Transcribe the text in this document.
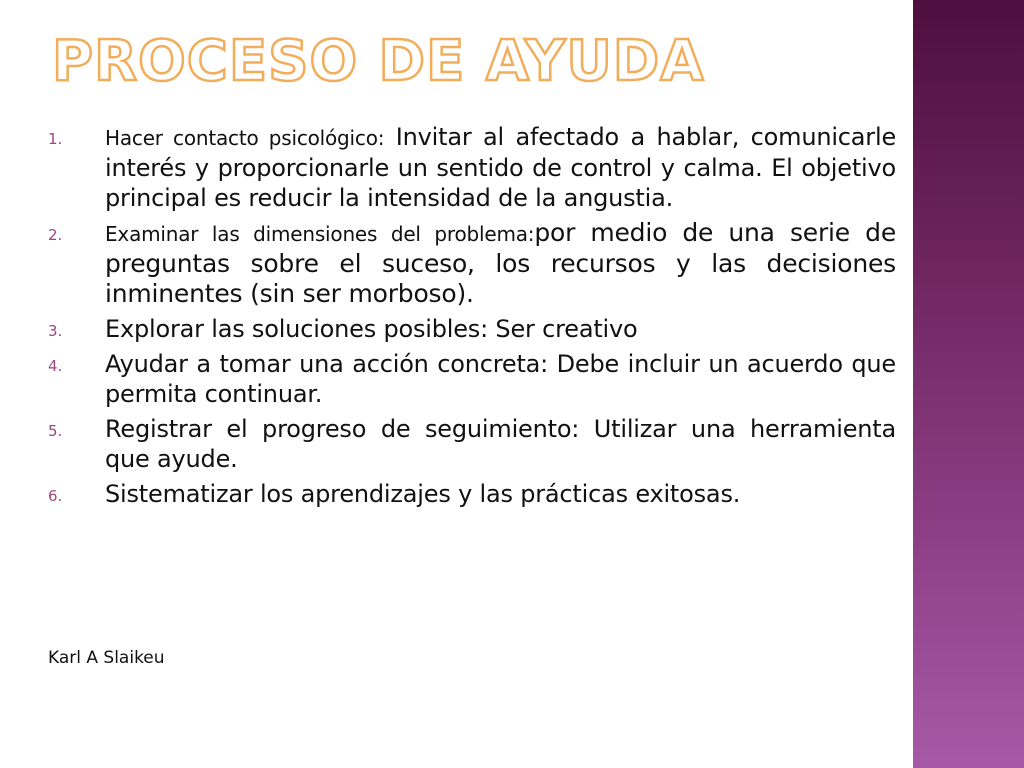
PROCESO DE AYUDA
1.	Hacer contacto psicológico: Invitar al afectado a hablar, comunicarle interés y proporcionarle un sentido de control y calma. El objetivo principal es reducir la intensidad de la angustia.
2.	Examinar las dimensiones del problema:por medio de una serie de preguntas sobre el suceso, los recursos y las decisiones inminentes (sin ser morboso).
3.	Explorar las soluciones posibles: Ser creativo
4.	Ayudar a tomar una acción concreta: Debe incluir un acuerdo que permita continuar.
5.	Registrar el progreso de seguimiento: Utilizar una herramienta que ayude.
6.	Sistematizar los aprendizajes y las prácticas exitosas.
Karl A Slaikeu
